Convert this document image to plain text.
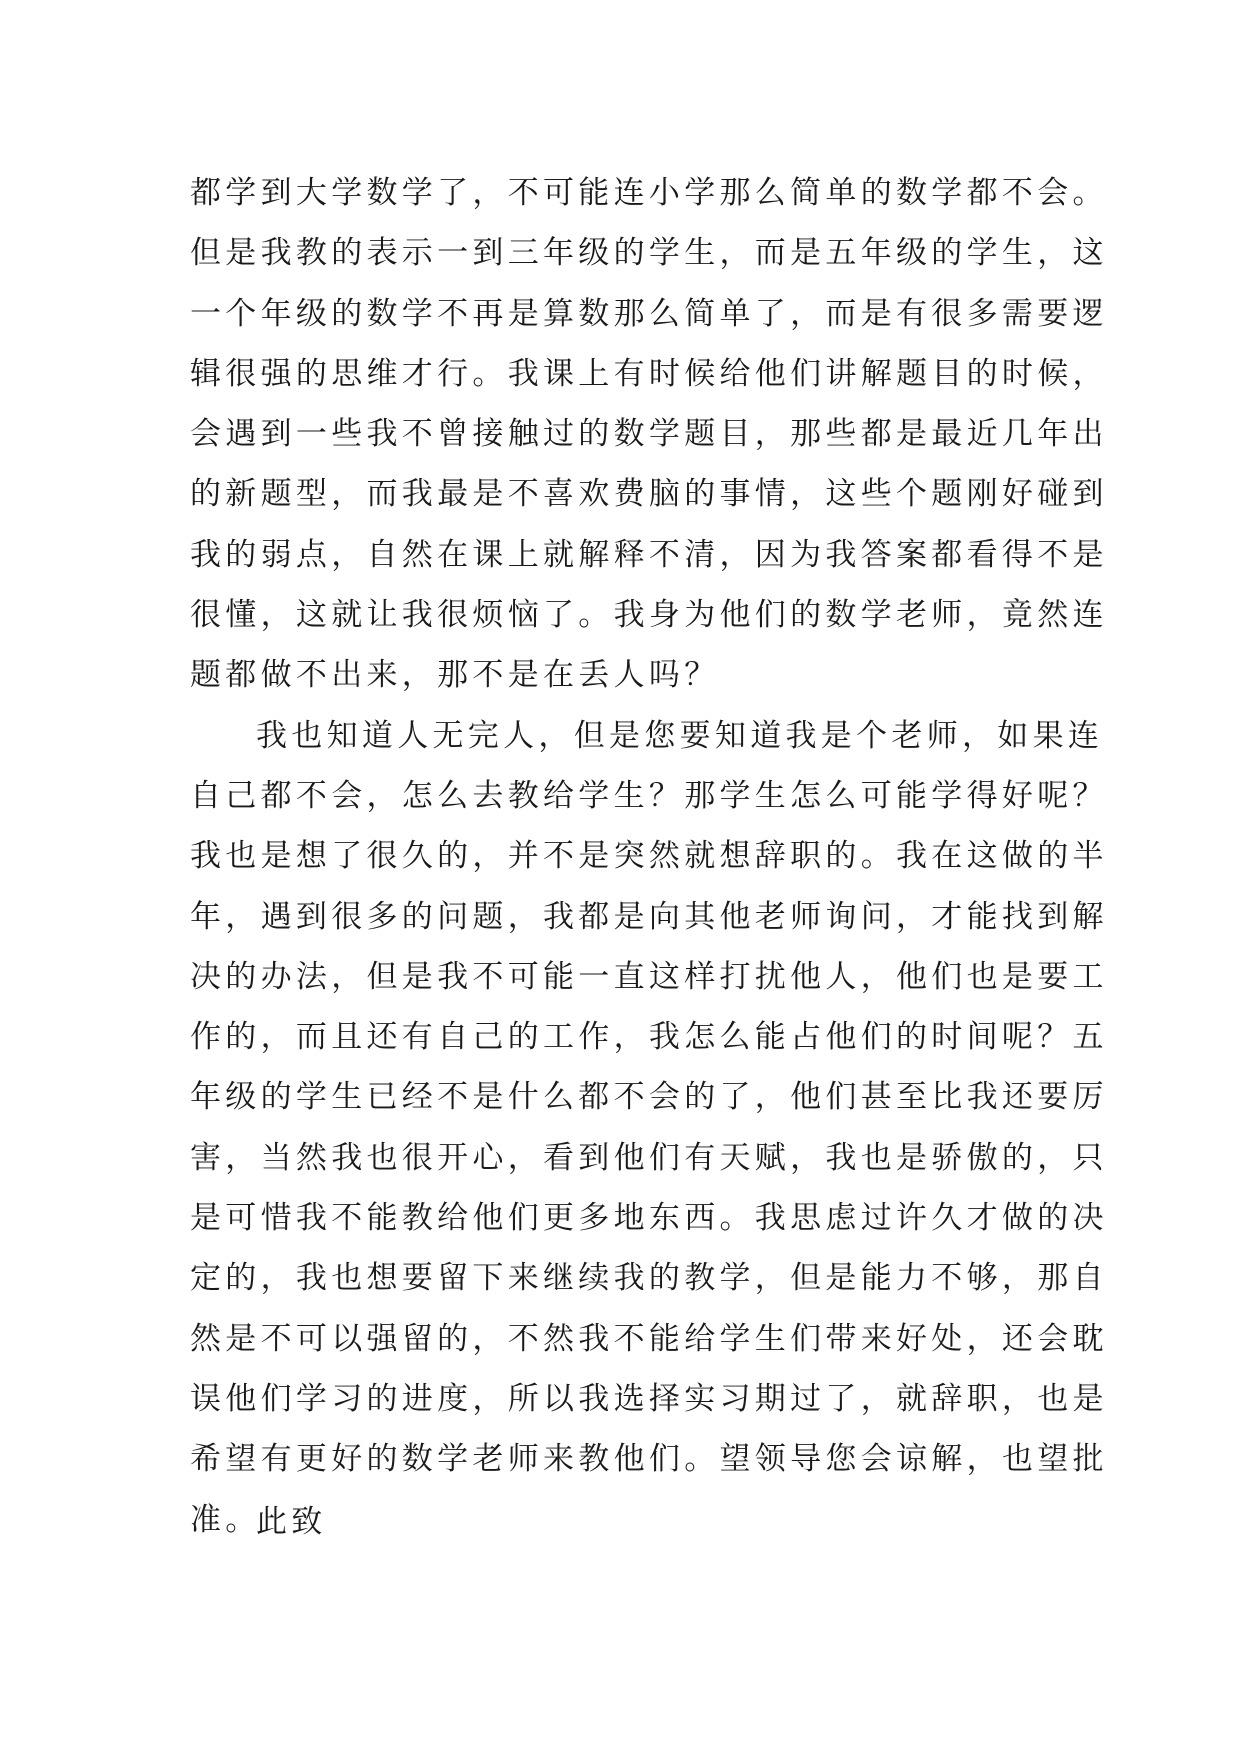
都学到大学数学了，不可能连小学那么简单的数学都不会。
但是我教的表示一到三年级的学生，而是五年级的学生，这
一个年级的数学不再是算数那么简单了，而是有很多需要逻
辑很强的思维才行。我课上有时候给他们讲解题目的时候，
会遇到一些我不曾接触过的数学题目，那些都是最近几年出
的新题型，而我最是不喜欢费脑的事情，这些个题刚好碰到
我的弱点，自然在课上就解释不清，因为我答案都看得不是
很懂，这就让我很烦恼了。我身为他们的数学老师，竟然连
题都做不出来，那不是在丢人吗？
我也知道人无完人，但是您要知道我是个老师，如果连
自己都不会，怎么去教给学生？那学生怎么可能学得好呢？
我也是想了很久的，并不是突然就想辞职的。我在这做的半
年，遇到很多的问题，我都是向其他老师询问，才能找到解
决的办法，但是我不可能一直这样打扰他人，他们也是要工
作的，而且还有自己的工作，我怎么能占他们的时间呢？五
年级的学生已经不是什么都不会的了，他们甚至比我还要厉
害，当然我也很开心，看到他们有天赋，我也是骄傲的，只
是可惜我不能教给他们更多地东西。我思虑过许久才做的决
定的，我也想要留下来继续我的教学，但是能力不够，那自
然是不可以强留的，不然我不能给学生们带来好处，还会耽
误他们学习的进度，所以我选择实习期过了，就辞职，也是
希望有更好的数学老师来教他们。望领导您会谅解，也望批
准。
此致
